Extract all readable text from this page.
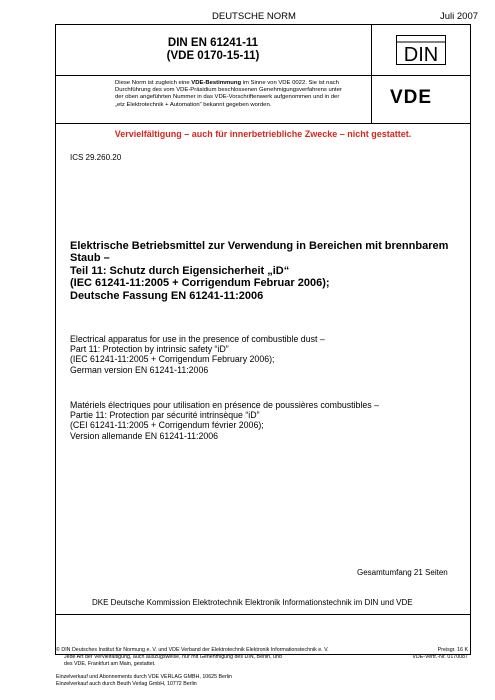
DEUTSCHE NORM	Juli 2007
DIN EN 61241-11
(VDE 0170-15-11)	DIN
Diese Norm ist zugleich eine VDE-Bestimmung im Sinne von VDE 0022. Sie ist nach
Durchführung des vom VDE-Präsidium beschlossenen Genehmigungsverfahrens unter
der oben angeführten Nummer in das VDE-Vorschriftenwerk aufgenommen und in der
„etz Elektrotechnik + Automation“ bekannt gegeben worden.	VDE
Vervielfältigung – auch für innerbetriebliche Zwecke – nicht gestattet.
ICS 29.260.20
Elektrische Betriebsmittel zur Verwendung in Bereichen mit brennbarem
Staub –
Teil 11: Schutz durch Eigensicherheit „iD“
(IEC 61241-11:2005 + Corrigendum Februar 2006);
Deutsche Fassung EN 61241-11:2006
Electrical apparatus for use in the presence of combustible dust –
Part 11: Protection by intrinsic safety “iD”
(IEC 61241-11:2005 + Corrigendum February 2006);
German version EN 61241-11:2006
Matériels électriques pour utilisation en présence de poussières combustibles –
Partie 11: Protection par sécurité intrinsèque “iD”
(CEI 61241-11:2005 + Corrigendum février 2006);
Version allemande EN 61241-11:2006
Gesamtumfang 21 Seiten
DKE Deutsche Kommission Elektrotechnik Elektronik Informationstechnik im DIN und VDE
© DIN Deutsches Institut für Normung e. V. und VDE Verband der Elektrotechnik Elektronik Informationstechnik e. V.
Jede Art der Vervielfältigung, auch auszugsweise, nur mit Genehmigung des DIN, Berlin, und
des VDE, Frankfurt am Main, gestattet.
Preisgr. 16 K
VDE-Vertr.-Nr. 0170087
Einzelverkauf und Abonnements durch VDE VERLAG GMBH, 10625 Berlin
Einzelverkauf auch durch Beuth Verlag GmbH, 10772 Berlin
